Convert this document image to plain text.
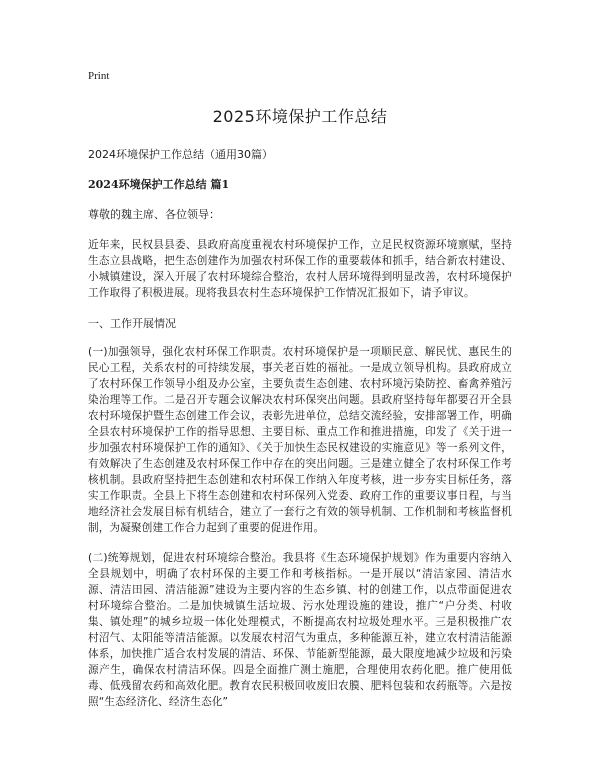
Print
2025环境保护工作总结

2024环境保护工作总结（通用30篇）

2024环境保护工作总结 篇1

尊敬的魏主席、各位领导：

近年来，民权县县委、县政府高度重视农村环境保护工作，立足民权资源环境禀赋，坚持生态立县战略，把生态创建作为加强农村环保工作的重要载体和抓手，结合新农村建设、小城镇建设，深入开展了农村环境综合整治，农村人居环境得到明显改善，农村环境保护工作取得了积极进展。现将我县农村生态环境保护工作情况汇报如下，请予审议。

一、工作开展情况

(一)加强领导，强化农村环保工作职责。农村环境保护是一项顺民意、解民忧、惠民生的民心工程，关系农村的可持续发展，事关老百姓的福祉。一是成立领导机构。县政府成立了农村环保工作领导小组及办公室，主要负责生态创建、农村环境污染防控、畜禽养殖污染治理等工作。二是召开专题会议解决农村环保突出问题。县政府坚持每年都要召开全县农村环境保护暨生态创建工作会议，表彰先进单位，总结交流经验，安排部署工作，明确全县农村环境保护工作的指导思想、主要目标、重点工作和推进措施，印发了《关于进一步加强农村环境保护工作的通知》、《关于加快生态民权建设的实施意见》等一系列文件，有效解决了生态创建及农村环保工作中存在的突出问题。三是建立健全了农村环保工作考核机制。县政府坚持把生态创建和农村环保工作纳入年度考核，进一步夯实目标任务，落实工作职责。全县上下将生态创建和农村环保列入党委、政府工作的重要议事日程，与当地经济社会发展目标有机结合，建立了一套行之有效的领导机制、工作机制和考核监督机制，为凝聚创建工作合力起到了重要的促进作用。

(二)统筹规划，促进农村环境综合整治。我县将《生态环境保护规划》作为重要内容纳入全县规划中，明确了农村环保的主要工作和考核指标。一是开展以“清洁家园、清洁水源、清洁田园、清洁能源”建设为主要内容的生态乡镇、村的创建工作，以点带面促进农村环境综合整治。二是加快城镇生活垃圾、污水处理设施的建设，推广“户分类、村收集、镇处理”的城乡垃圾一体化处理模式，不断提高农村垃圾处理水平。三是积极推广农村沼气、太阳能等清洁能源。以发展农村沼气为重点，多种能源互补，建立农村清洁能源体系，加快推广适合农村发展的清洁、环保、节能新型能源，最大限度地减少垃圾和污染源产生，确保农村清洁环保。四是全面推广测土施肥，合理使用农药化肥。推广使用低毒、低残留农药和高效化肥。教育农民积极回收废旧农膜、肥料包装和农药瓶等。六是按照“生态经济化、经济生态化”
